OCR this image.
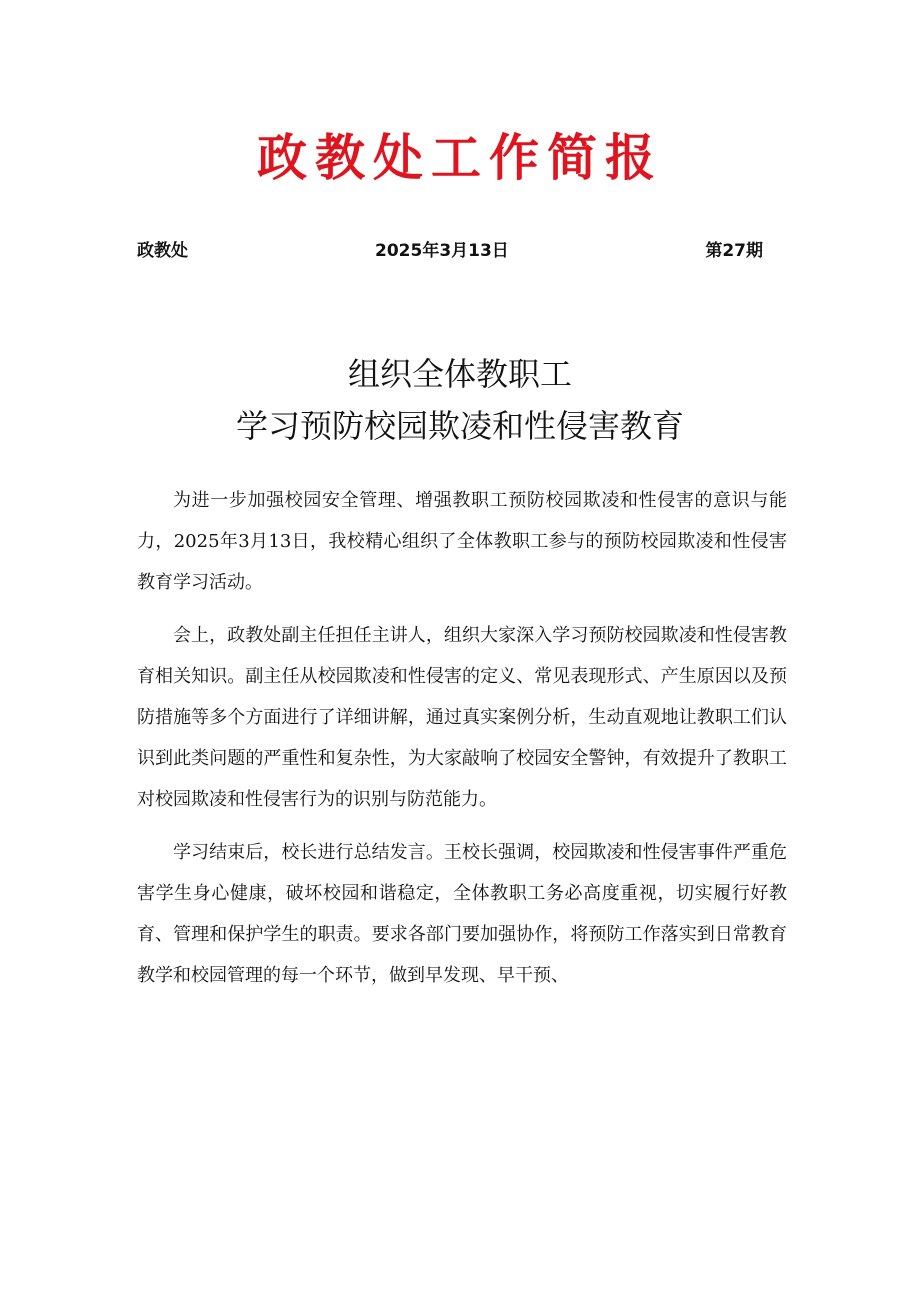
政教处工作简报
政教处	2025年3月13日	第27期
组织全体教职工
学习预防校园欺凌和性侵害教育

为进一步加强校园安全管理、增强教职工预防校园欺凌和性侵害的意识与能力，2025年3月13日，我校精心组织了全体教职工参与的预防校园欺凌和性侵害教育学习活动。

会上，政教处副主任担任主讲人，组织大家深入学习预防校园欺凌和性侵害教育相关知识。副主任从校园欺凌和性侵害的定义、常见表现形式、产生原因以及预防措施等多个方面进行了详细讲解，通过真实案例分析，生动直观地让教职工们认识到此类问题的严重性和复杂性，为大家敲响了校园安全警钟，有效提升了教职工对校园欺凌和性侵害行为的识别与防范能力。

学习结束后，校长进行总结发言。王校长强调，校园欺凌和性侵害事件严重危害学生身心健康，破坏校园和谐稳定，全体教职工务必高度重视，切实履行好教育、管理和保护学生的职责。要求各部门要加强协作，将预防工作落实到日常教育教学和校园管理的每一个环节，做到早发现、早干预、
